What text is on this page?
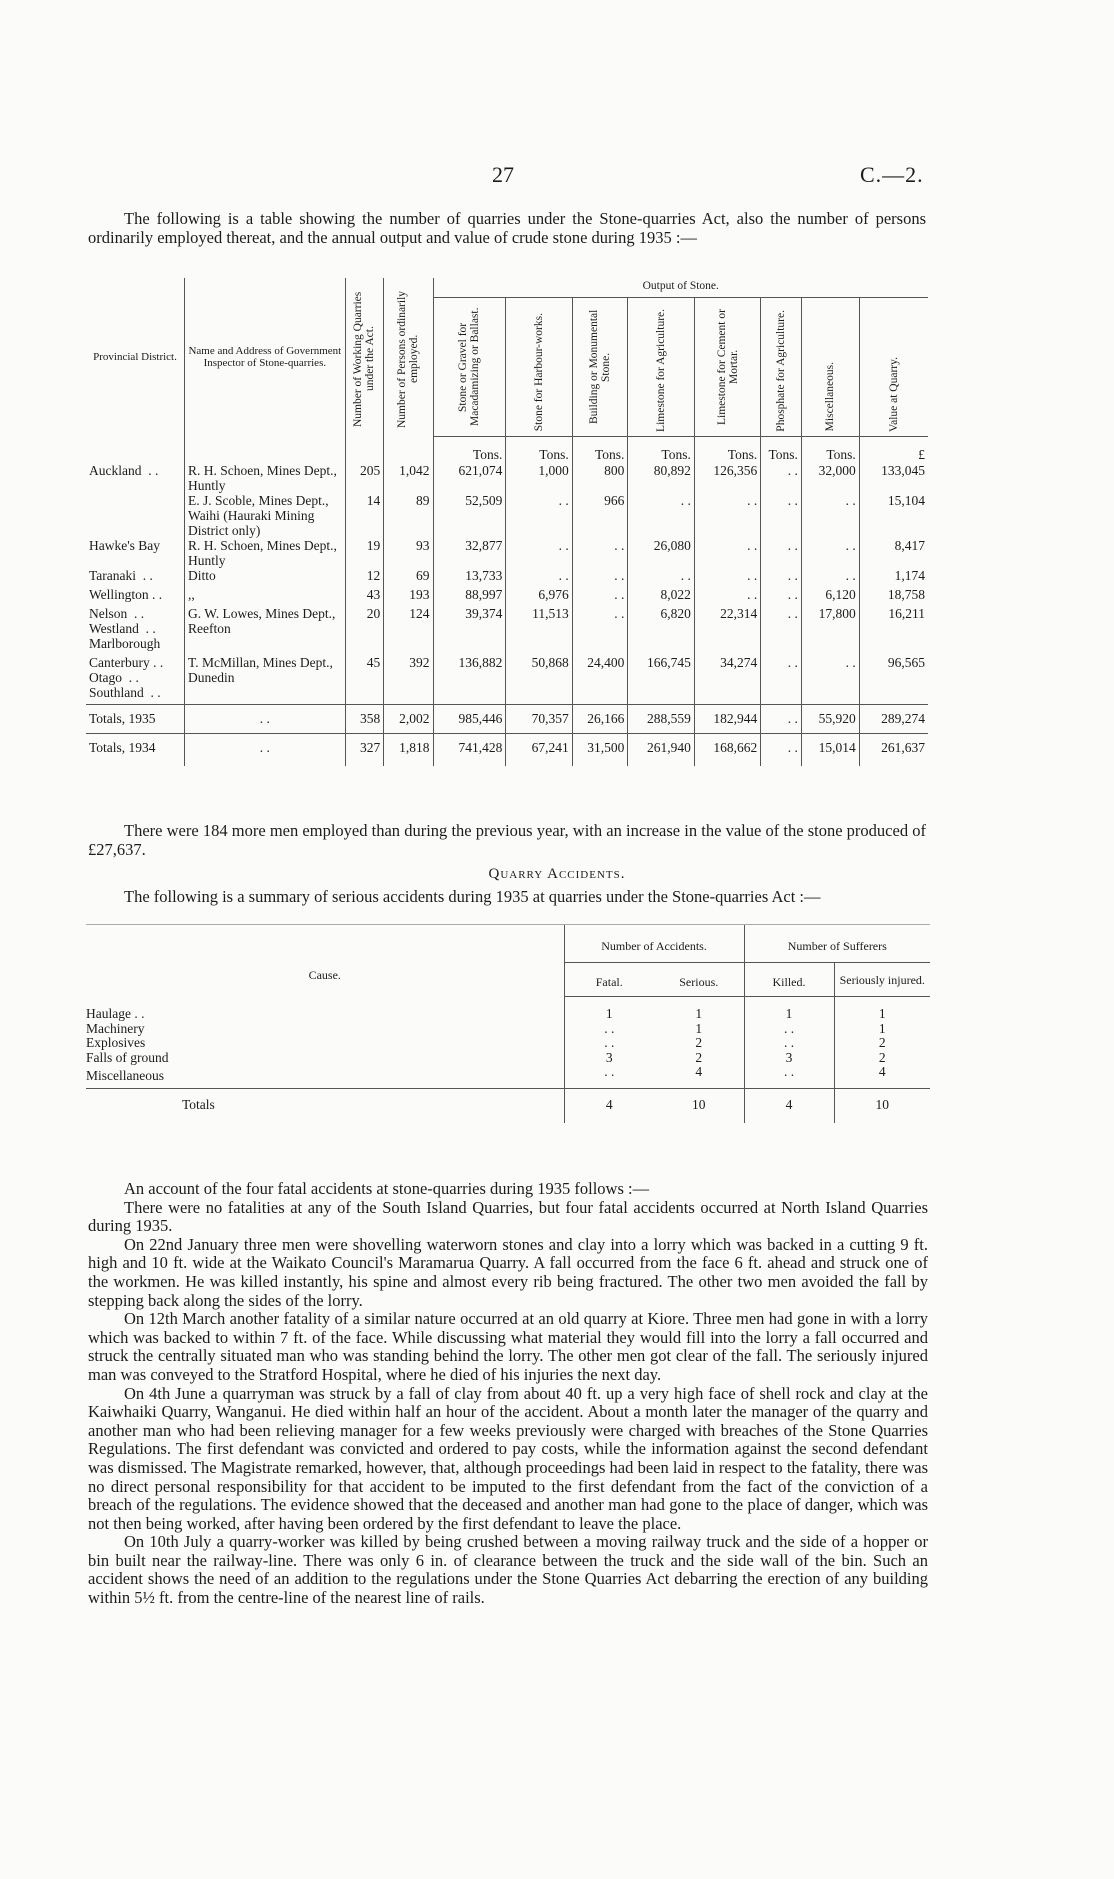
27	C.—2.

The following is a table showing the number of quarries under the Stone-quarries Act, also the number of persons ordinarily employed thereat, and the annual output and value of crude stone during 1935 :—

Provincial District.	Name and Address of Government Inspector of Stone-quarries.	Number of Working Quarries under the Act.	Number of Persons ordinarily employed.	Output of Stone.							

				Stone or Gravel for Macadamizing or Ballast.	Stone for Harbour-works.	Building or Monumental Stone.	Limestone for Agriculture.	Limestone for Cement or Mortar.	Phosphate for Agriculture.	Miscellaneous.	Value at Quarry.

				Tons.	Tons.	Tons.	Tons.	Tons.	Tons.	Tons.	£
Auckland  . .	R. H. Schoen, Mines Dept., Huntly	205	1,042	621,074	1,000	800	80,892	126,356	. .	32,000	133,045
	E. J. Scoble, Mines Dept., Waihi (Hauraki Mining District only)	14	89	52,509	. .	966	. .	. .	. .	. .	15,104
Hawke's Bay	R. H. Schoen, Mines Dept., Huntly	19	93	32,877	. .	. .	26,080	. .	. .	. .	8,417
Taranaki  . .	Ditto	12	69	13,733	. .	. .	. .	. .	. .	. .	1,174
Wellington . .	,,	43	193	88,997	6,976	. .	8,022	. .	. .	6,120	18,758
Nelson  . .
Westland  . .
Marlborough	G. W. Lowes, Mines Dept., Reefton	20	124	39,374	11,513	. .	6,820	22,314	. .	17,800	16,211
Canterbury . .
Otago  . .
Southland  . .	T. McMillan, Mines Dept., Dunedin	45	392	136,882	50,868	24,400	166,745	34,274	. .	. .	96,565
Totals, 1935	. .	358	2,002	985,446	70,357	26,166	288,559	182,944	. .	55,920	289,274
Totals, 1934	. .	327	1,818	741,428	67,241	31,500	261,940	168,662	. .	15,014	261,637

There were 184 more men employed than during the previous year, with an increase in the value of the stone produced of £27,637.

Quarry Accidents.

The following is a summary of serious accidents during 1935 at quarries under the Stone-quarries Act :—

Cause.	Number of Accidents.		Number of Sufferers	
	Fatal.	Serious.	Killed.	Seriously injured.
Haulage . .	1	1	1	1
Machinery	. .	1	. .	1
Explosives	. .	2	. .	2
Falls of ground	3	2	3	2
Miscellaneous	. .	4	. .	4
Totals	4	10	4	10

An account of the four fatal accidents at stone-quarries during 1935 follows :—

There were no fatalities at any of the South Island Quarries, but four fatal accidents occurred at North Island Quarries during 1935.

On 22nd January three men were shovelling waterworn stones and clay into a lorry which was backed in a cutting 9 ft. high and 10 ft. wide at the Waikato Council's Maramarua Quarry. A fall occurred from the face 6 ft. ahead and struck one of the workmen. He was killed instantly, his spine and almost every rib being fractured. The other two men avoided the fall by stepping back along the sides of the lorry.

On 12th March another fatality of a similar nature occurred at an old quarry at Kiore. Three men had gone in with a lorry which was backed to within 7 ft. of the face. While discussing what material they would fill into the lorry a fall occurred and struck the centrally situated man who was standing behind the lorry. The other men got clear of the fall. The seriously injured man was conveyed to the Stratford Hospital, where he died of his injuries the next day.

On 4th June a quarryman was struck by a fall of clay from about 40 ft. up a very high face of shell rock and clay at the Kaiwhaiki Quarry, Wanganui. He died within half an hour of the accident. About a month later the manager of the quarry and another man who had been relieving manager for a few weeks previously were charged with breaches of the Stone Quarries Regulations. The first defendant was convicted and ordered to pay costs, while the information against the second defendant was dismissed. The Magistrate remarked, however, that, although proceedings had been laid in respect to the fatality, there was no direct personal responsibility for that accident to be imputed to the first defendant from the fact of the conviction of a breach of the regulations. The evidence showed that the deceased and another man had gone to the place of danger, which was not then being worked, after having been ordered by the first defendant to leave the place.

On 10th July a quarry-worker was killed by being crushed between a moving railway truck and the side of a hopper or bin built near the railway-line. There was only 6 in. of clearance between the truck and the side wall of the bin. Such an accident shows the need of an addition to the regulations under the Stone Quarries Act debarring the erection of any building within 5½ ft. from the centre-line of the nearest line of rails.
